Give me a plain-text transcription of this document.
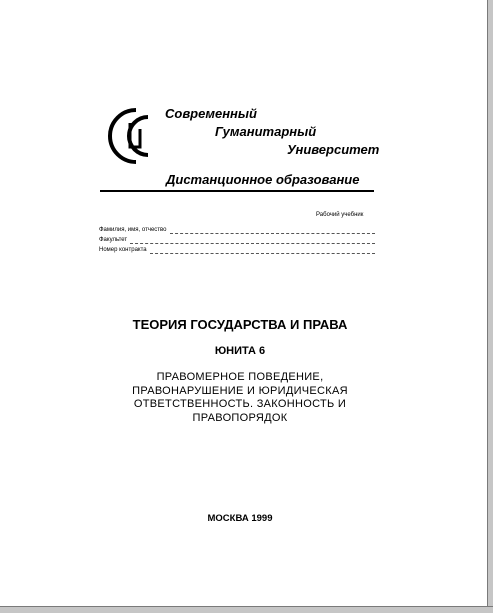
Современный
Гуманитарный
Университет
Дистанционное образование
Рабочий учебник
Фамилия, имя, отчество
Факультет
Номер контракта
ТЕОРИЯ ГОСУДАРСТВА И ПРАВА
ЮНИТА 6
ПРАВОМЕРНОЕ ПОВЕДЕНИЕ,
ПРАВОНАРУШЕНИЕ И ЮРИДИЧЕСКАЯ
ОТВЕТСТВЕННОСТЬ. ЗАКОННОСТЬ И
ПРАВОПОРЯДОК
МОСКВА 1999
